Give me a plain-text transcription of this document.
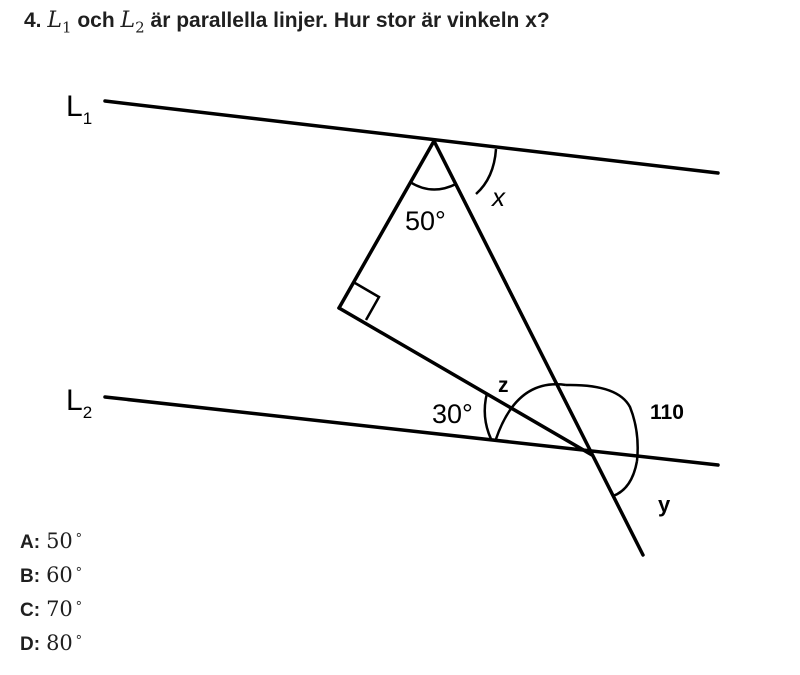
4. $L_1$ och $L_2$ är parallella linjer. Hur stor är vinkeln x?
$L_1$
$L_2$
50°
x
30°
z
110
y
A: 50 ∘
B: 60 ∘
C: 70 ∘
D: 80 ∘
